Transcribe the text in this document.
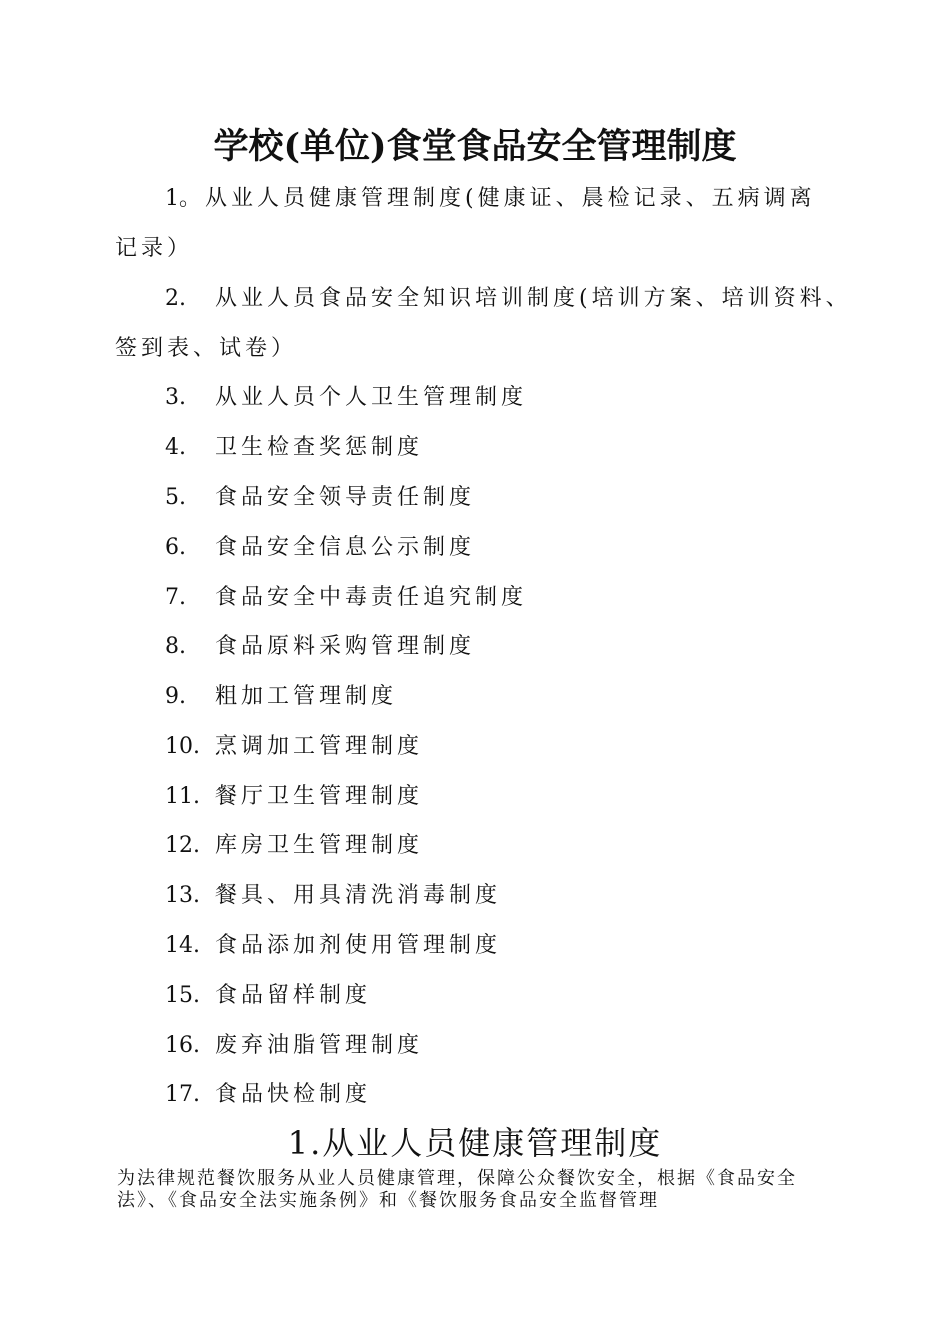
学校(单位)食堂食品安全管理制度
1。 从业人员健康管理制度(健康证、晨检记录、五病调离
记录）
2. 从业人员食品安全知识培训制度(培训方案、培训资料、
签到表、试卷）
3. 从业人员个人卫生管理制度
4. 卫生检查奖惩制度
5. 食品安全领导责任制度
6. 食品安全信息公示制度
7. 食品安全中毒责任追究制度
8. 食品原料采购管理制度
9. 粗加工管理制度
10. 烹调加工管理制度
11. 餐厅卫生管理制度
12. 库房卫生管理制度
13. 餐具、用具清洗消毒制度
14. 食品添加剂使用管理制度
15. 食品留样制度
16. 废弃油脂管理制度
17. 食品快检制度
1.从业人员健康管理制度
为法律规范餐饮服务从业人员健康管理，保障公众餐饮安全，根据《食品安全法》、《食品安全法实施条例》和《餐饮服务食品安全监督管理
